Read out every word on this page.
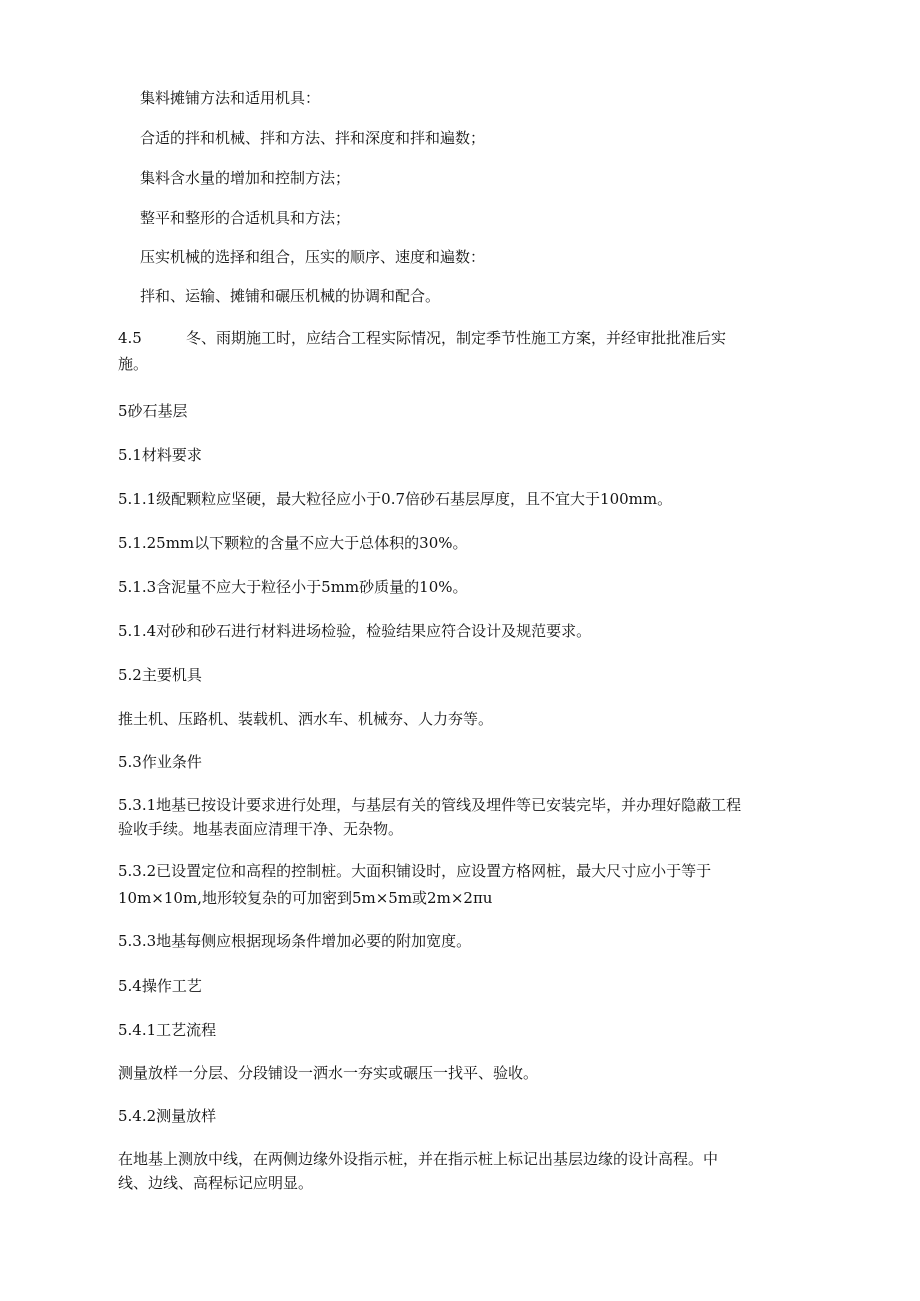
集料摊铺方法和适用机具：
合适的拌和机械、拌和方法、拌和深度和拌和遍数；
集料含水量的增加和控制方法；
整平和整形的合适机具和方法；
压实机械的选择和组合，压实的顺序、速度和遍数：
拌和、运输、摊铺和碾压机械的协调和配合。
4.5	冬、雨期施工时，应结合工程实际情况，制定季节性施工方案，并经审批批准后实
施。
5砂石基层
5.1材料要求
5.1.1级配颗粒应坚硬，最大粒径应小于0.7倍砂石基层厚度，且不宜大于100mm。
5.1.25mm以下颗粒的含量不应大于总体积的30%。
5.1.3含泥量不应大于粒径小于5mm砂质量的10%。
5.1.4对砂和砂石进行材料进场检验，检验结果应符合设计及规范要求。
5.2主要机具
推土机、压路机、装载机、洒水车、机械夯、人力夯等。
5.3作业条件
5.3.1地基已按设计要求进行处理，与基层有关的管线及埋件等已安装完毕，并办理好隐蔽工程
验收手续。地基表面应清理干净、无杂物。
5.3.2已设置定位和高程的控制桩。大面积铺设时，应设置方格网桩，最大尺寸应小于等于
10m×10m,地形较复杂的可加密到5m×5m或2m×2πu
5.3.3地基每侧应根据现场条件增加必要的附加宽度。
5.4操作工艺
5.4.1工艺流程
测量放样一分层、分段铺设一洒水一夯实或碾压一找平、验收。
5.4.2测量放样
在地基上测放中线，在两侧边缘外设指示桩，并在指示桩上标记出基层边缘的设计高程。中
线、边线、高程标记应明显。
